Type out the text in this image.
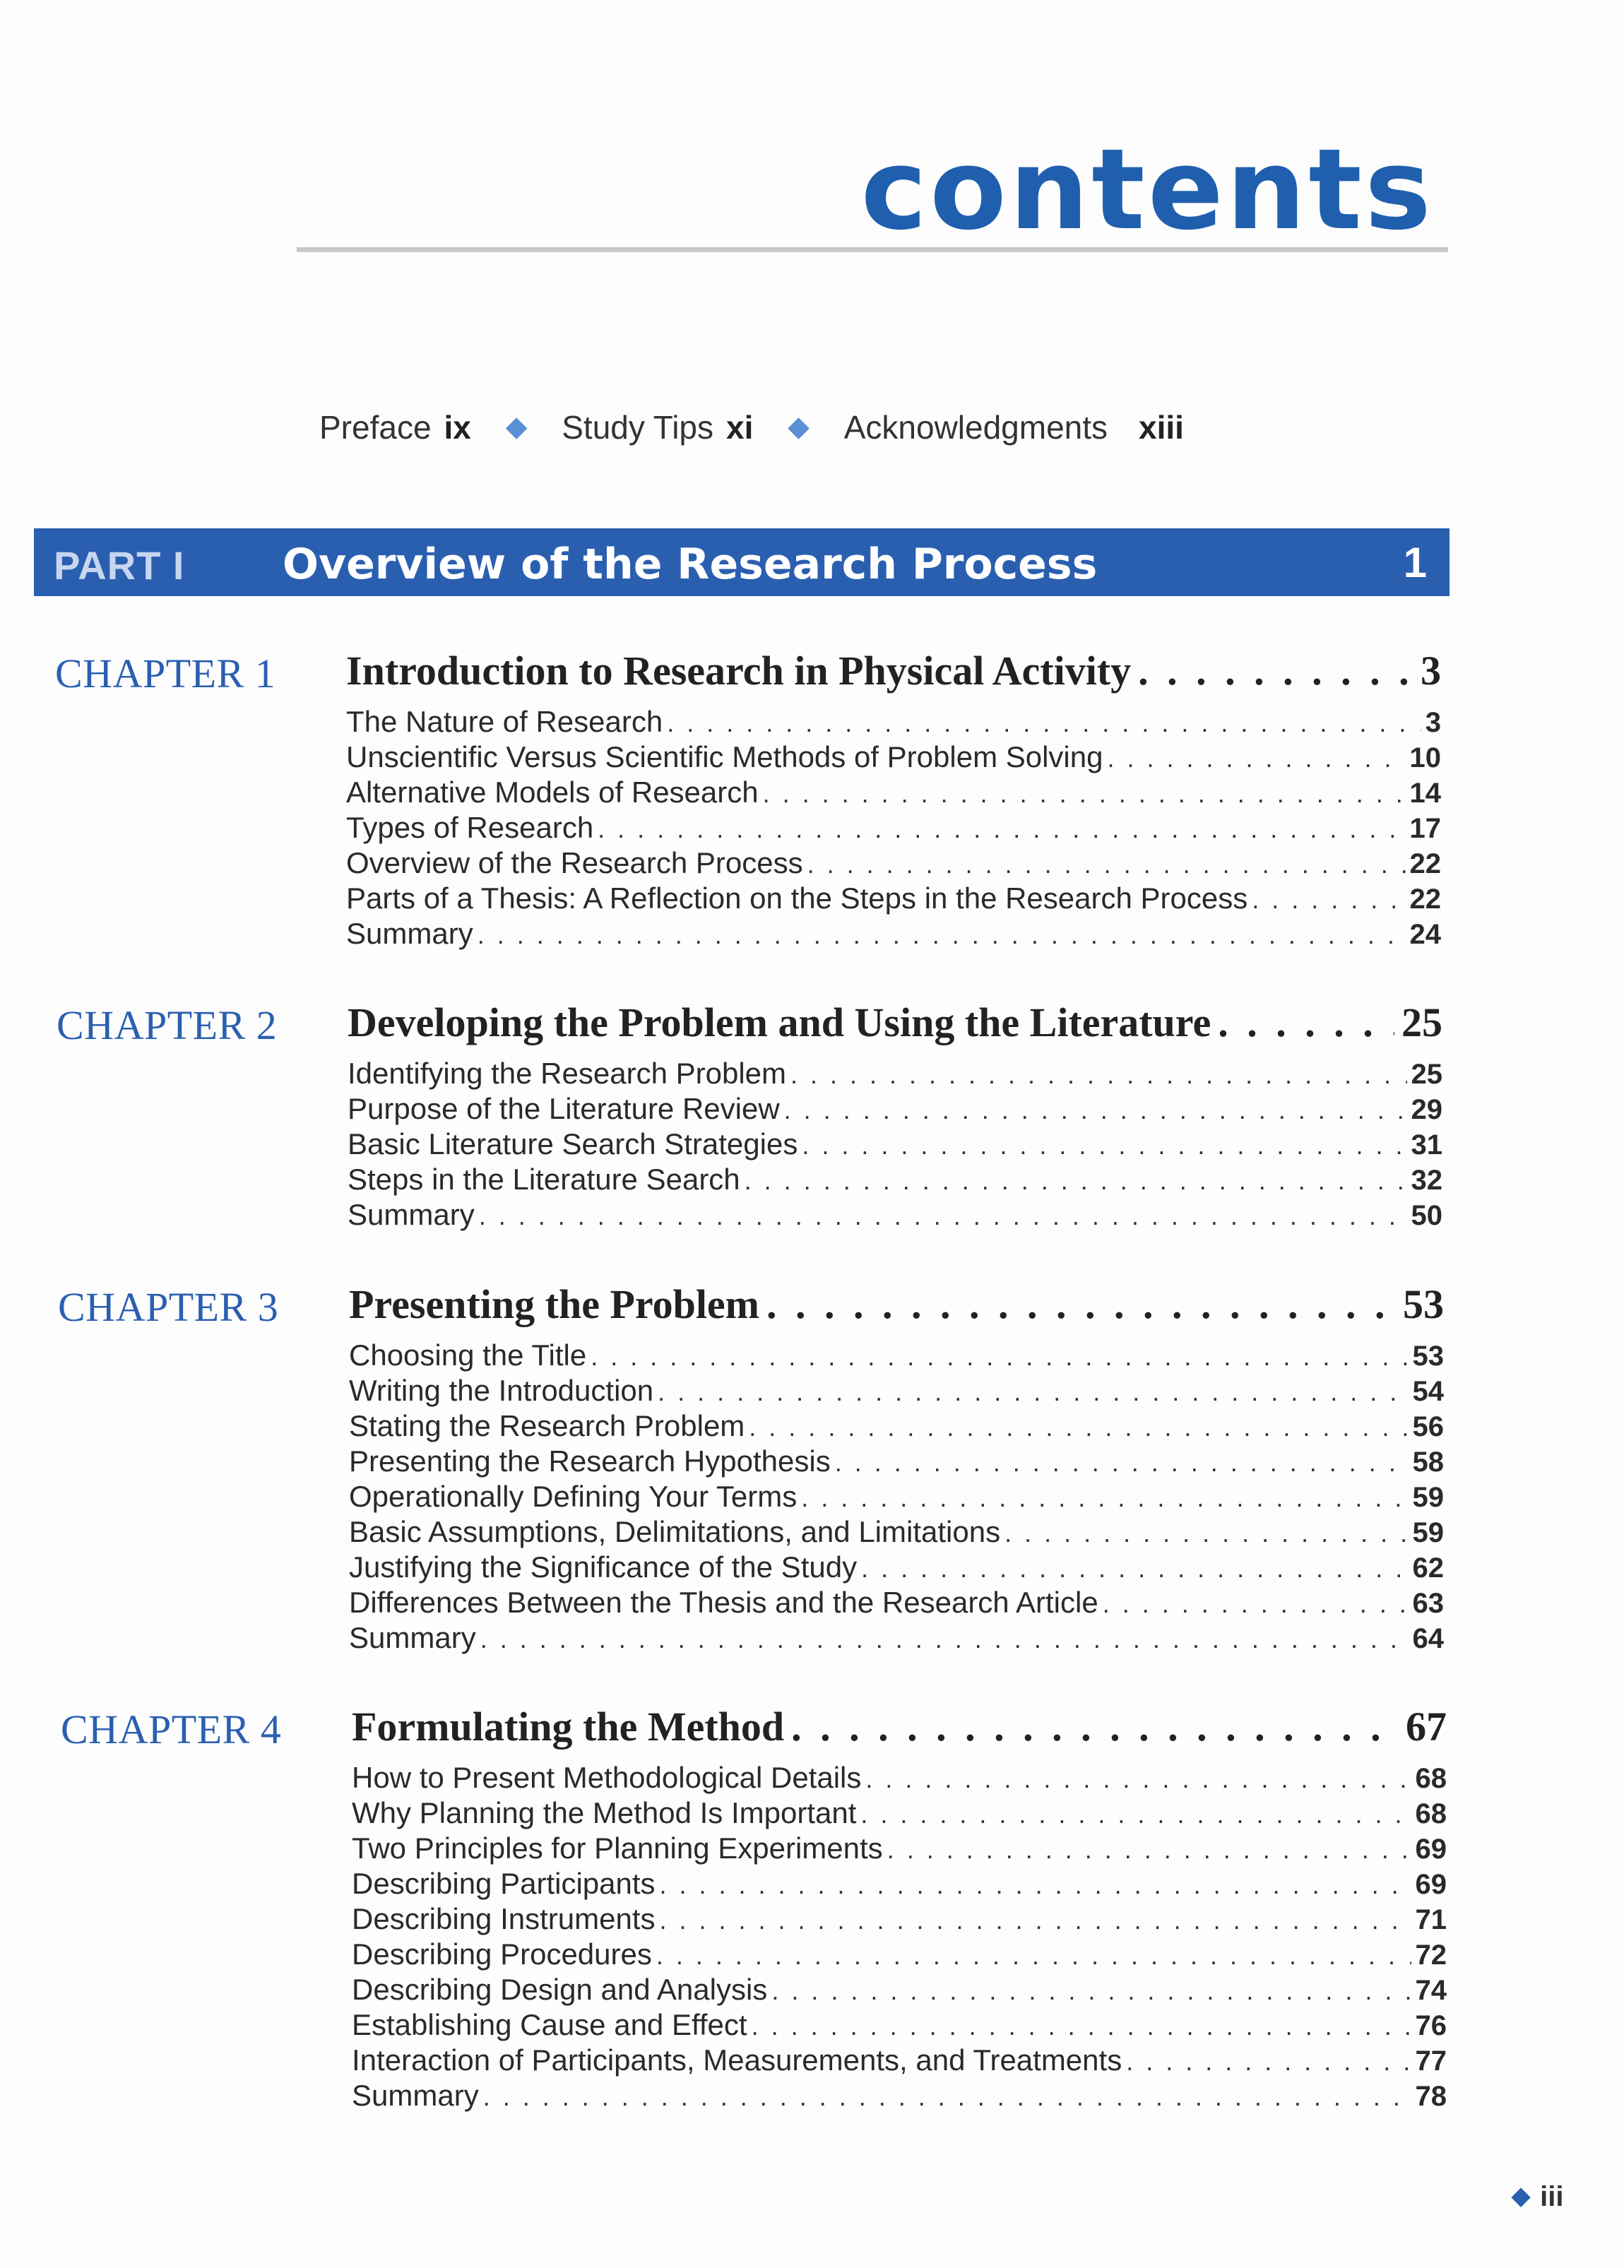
contents
Preface ix ◆ Study Tips xi ◆ Acknowledgments xiii
PART I Overview of the Research Process	1
CHAPTER 1 Introduction to Research in Physical Activity . . .	3
The Nature of Research . . .	3
Unscientific Versus Scientific Methods of Problem Solving . . .	10
Alternative Models of Research . . .	14
Types of Research . . .	17
Overview of the Research Process . . .	22
Parts of a Thesis: A Reflection on the Steps in the Research Process . . .	22
Summary . . .	24
CHAPTER 2 Developing the Problem and Using the Literature . . .	25
Identifying the Research Problem . . .	25
Purpose of the Literature Review . . .	29
Basic Literature Search Strategies . . .	31
Steps in the Literature Search . . .	32
Summary . . .	50
CHAPTER 3 Presenting the Problem . . .	53
Choosing the Title . . .	53
Writing the Introduction . . .	54
Stating the Research Problem . . .	56
Presenting the Research Hypothesis . . .	58
Operationally Defining Your Terms . . .	59
Basic Assumptions, Delimitations, and Limitations . . .	59
Justifying the Significance of the Study . . .	62
Differences Between the Thesis and the Research Article . . .	63
Summary . . .	64
CHAPTER 4 Formulating the Method . . .	67
How to Present Methodological Details . . .	68
Why Planning the Method Is Important . . .	68
Two Principles for Planning Experiments . . .	69
Describing Participants . . .	69
Describing Instruments . . .	71
Describing Procedures . . .	72
Describing Design and Analysis . . .	74
Establishing Cause and Effect . . .	76
Interaction of Participants, Measurements, and Treatments . . .	77
Summary . . .	78
◆ iii
